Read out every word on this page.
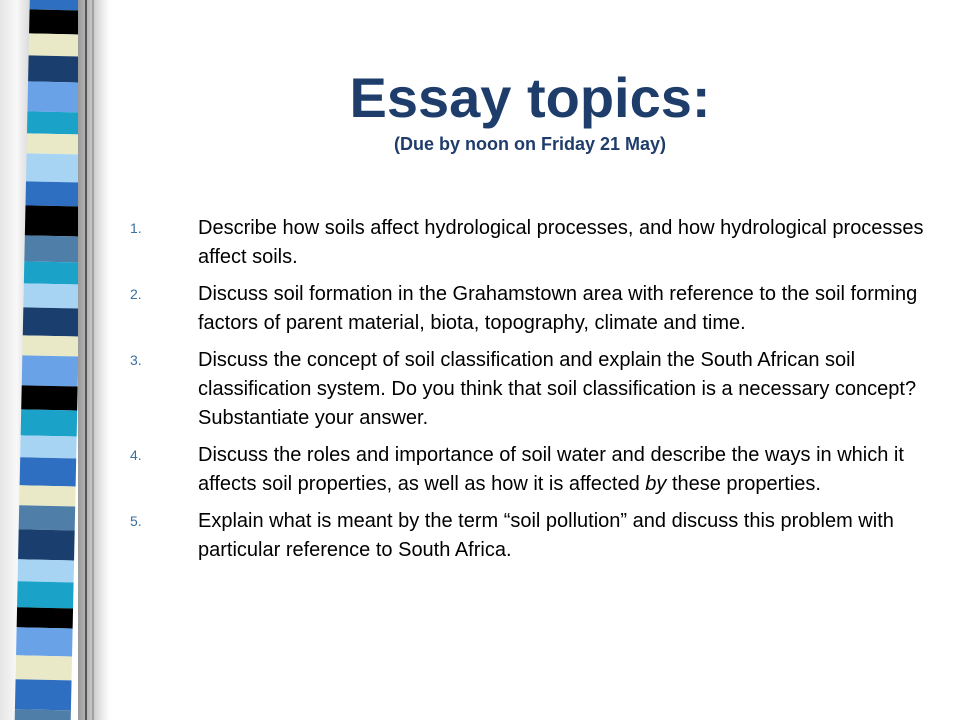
Essay topics:

(Due by noon on Friday 21 May)

1.	Describe how soils affect hydrological processes, and how hydrological processes affect soils.
2.	Discuss soil formation in the Grahamstown area with reference to the soil forming factors of parent material, biota, topography, climate and time.
3.	Discuss the concept of soil classification and explain the South African soil classification system. Do you think that soil classification is a necessary concept? Substantiate your answer.
4.	Discuss the roles and importance of soil water and describe the ways in which it affects soil properties, as well as how it is affected by these properties.
5.	Explain what is meant by the term “soil pollution” and discuss this problem with particular reference to South Africa.
